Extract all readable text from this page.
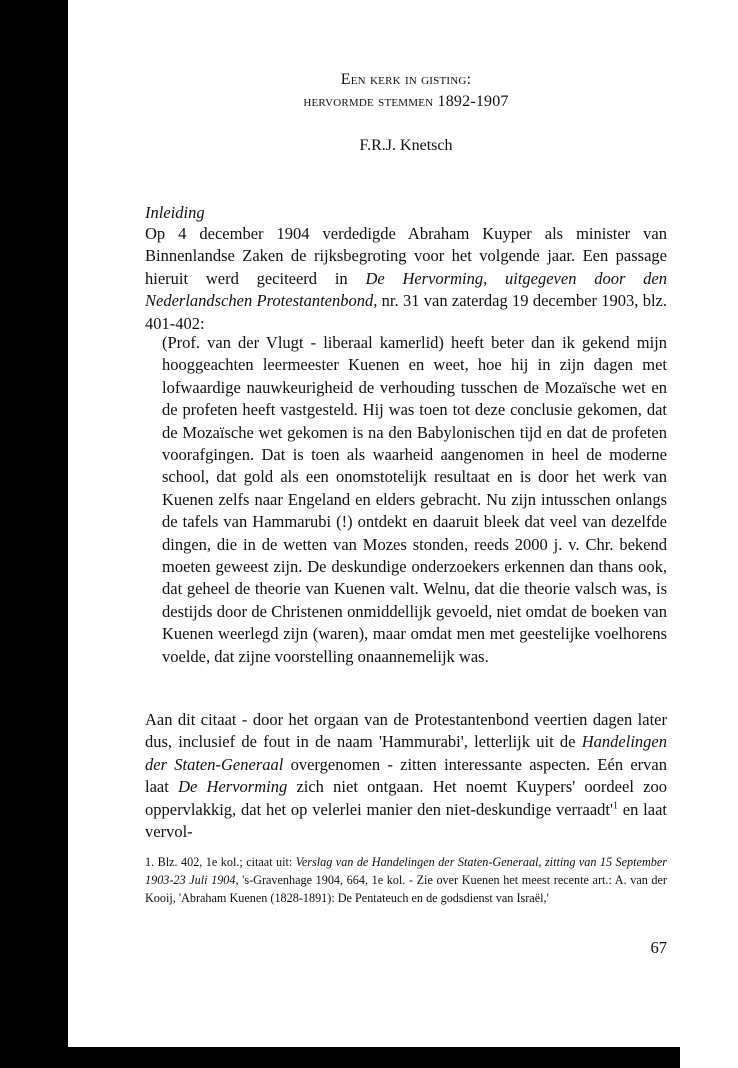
Een kerk in gisting:
hervormde stemmen 1892-1907
F.R.J. Knetsch
Inleiding
Op 4 december 1904 verdedigde Abraham Kuyper als minister van Binnenlandse Zaken de rijksbegroting voor het volgende jaar. Een passage hieruit werd geciteerd in De Hervorming, uitgegeven door den Nederlandschen Protestantenbond, nr. 31 van zaterdag 19 december 1903, blz. 401-402:
(Prof. van der Vlugt - liberaal kamerlid) heeft beter dan ik gekend mijn hooggeachten leermeester Kuenen en weet, hoe hij in zijn dagen met lofwaardige nauwkeurigheid de verhouding tusschen de Mozaïsche wet en de profeten heeft vastgesteld. Hij was toen tot deze conclusie gekomen, dat de Mozaïsche wet gekomen is na den Babylonischen tijd en dat de profeten voorafgingen. Dat is toen als waarheid aangenomen in heel de moderne school, dat gold als een onomstotelijk resultaat en is door het werk van Kuenen zelfs naar Engeland en elders gebracht. Nu zijn intusschen onlangs de tafels van Hammarubi (!) ontdekt en daaruit bleek dat veel van dezelfde dingen, die in de wetten van Mozes stonden, reeds 2000 j. v. Chr. bekend moeten geweest zijn. De deskundige onderzoekers erkennen dan thans ook, dat geheel de theorie van Kuenen valt. Welnu, dat die theorie valsch was, is destijds door de Christenen onmiddellijk gevoeld, niet omdat de boeken van Kuenen weerlegd zijn (waren), maar omdat men met geestelijke voelhorens voelde, dat zijne voorstelling onaannemelijk was.
Aan dit citaat - door het orgaan van de Protestantenbond veertien dagen later dus, inclusief de fout in de naam 'Hammurabi', letterlijk uit de Handelingen der Staten-Generaal overgenomen - zitten interessante aspecten. Eén ervan laat De Hervorming zich niet ontgaan. Het noemt Kuypers' oordeel zoo oppervlakkig, dat het op velerlei manier den niet-deskundige $verraadt'^1$ en laat vervol-
1. Blz. 402, 1e kol.; citaat uit: Verslag van de Handelingen der Staten-Generaal, zitting van 15 September 1903-23 Juli 1904, 's-Gravenhage 1904, 664, 1e kol. - Zie over Kuenen het meest recente art.: A. van der Kooij, 'Abraham Kuenen (1828-1891): De Pentateuch en de godsdienst van Israël,'
67
